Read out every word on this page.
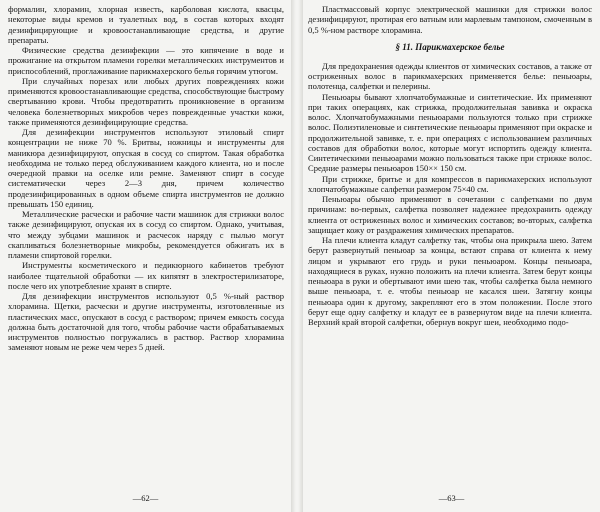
формалин, хлорамин, хлорная известь, карболовая кислота, квасцы, некоторые виды кремов и туалетных вод, в состав которых входят дезинфицирующие и кровоостанавливающие средства, и другие препараты.

Физические средства дезинфекции — это кипячение в воде и прожигание на открытом пламени горелки металлических инструментов и приспособлений, проглаживание парикмахерского белья горячим утюгом.

При случайных порезах или любых других повреждениях кожи применяются кровоостанавливающие средства, способствующие быстрому свертыванию крови. Чтобы предотвратить проникновение в организм человека болезнетворных микробов через поврежденные участки кожи, также применяются дезинфицирующие средства.

Для дезинфекции инструментов используют этиловый спирт концентрации не ниже 70 %. Бритвы, ножницы и инструменты для маникюра дезинфицируют, опуская в сосуд со спиртом. Такая обработка необходима не только перед обслуживанием каждого клиента, но и после очередной правки на оселке или ремне. Заменяют спирт в сосуде систематически через 2—3 дня, причем количество продезинфицированных в одном объеме спирта инструментов не должно превышать 150 единиц.

Металлические расчески и рабочие части машинок для стрижки волос также дезинфицируют, опуская их в сосуд со спиртом. Однако, учитывая, что между зубцами машинок и расчесок наряду с пылью могут скапливаться болезнетворные микробы, рекомендуется обжигать их в пламени спиртовой горелки.

Инструменты косметического и педикюрного кабинетов требуют наиболее тщательной обработки — их кипятят в электростерилизаторе, после чего их употребление хранят в спирте.

Для дезинфекции инструментов используют 0,5 %-ный раствор хлорамина. Щетки, расчески и другие инструменты, изготовленные из пластических масс, опускают в сосуд с раствором; причем емкость сосуда должна быть достаточной для того, чтобы рабочие части обрабатываемых инструментов полностью погружались в раствор. Раствор хлорамина заменяют новым не реже чем через 5 дней.

—62—

Пластмассовый корпус электрической машинки для стрижки волос дезинфицируют, протирая его ватным или марлевым тампоном, смоченным в 0,5 %-ном растворе хлорамина.

§ 11. Парикмахерское белье

Для предохранения одежды клиентов от химических составов, а также от остриженных волос в парикмахерских применяется белье: пеньюары, полотенца, салфетки и пелерины.

Пеньюары бывают хлопчатобумажные и синтетические. Их применяют при таких операциях, как стрижка, продолжительная завивка и окраска волос. Хлопчатобумажными пеньюарами пользуются только при стрижке волос. Полиэтиленовые и синтетические пеньюары применяют при окраске и продолжительной завивке, т. е. при операциях с использованием различных составов для обработки волос, которые могут испортить одежду клиента. Синтетическими пеньюарами можно пользоваться также при стрижке волос. Средние размеры пеньюаров 150×× 150 см.

При стрижке, бритье и для компрессов в парикмахерских используют хлопчатобумажные салфетки размером 75×40 см.

Пеньюары обычно применяют в сочетании с салфетками по двум причинам: во-первых, салфетка позволяет надежнее предохранить одежду клиента от остриженных волос и химических составов; во-вторых, салфетка защищает кожу от раздражения химических препаратов.

На плечи клиента кладут салфетку так, чтобы она прикрыла шею. Затем берут развернутый пеньюар за концы, встают справа от клиента к нему лицом и укрывают его грудь и руки пеньюаром. Концы пеньюара, находящиеся в руках, нужно положить на плечи клиента. Затем берут концы пеньюара в руки и обертывают ими шею так, чтобы салфетка была немного выше пеньюара, т. е. чтобы пеньюар не касался шеи. Затягну концы пеньюара один к другому, закрепляют его в этом положении. После этого берут еще одну салфетку и кладут ее в развернутом виде на плечи клиента. Верхний край второй салфетки, обернув вокруг шеи, необходимо подо-

—63—
